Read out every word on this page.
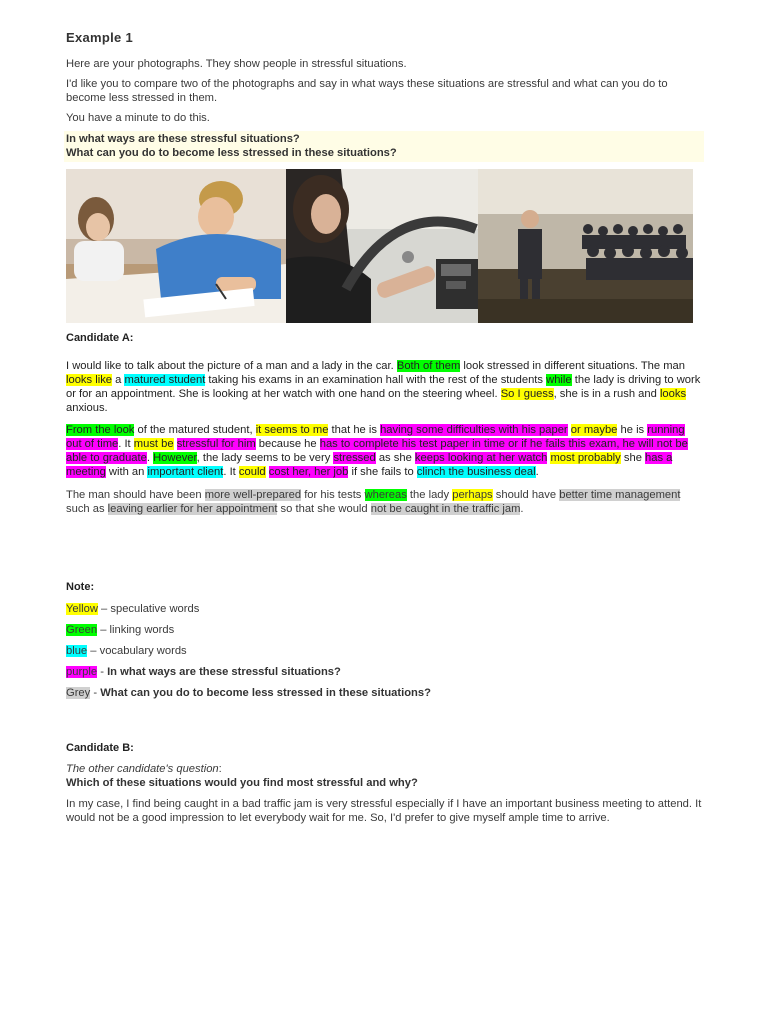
Example 1

Here are your photographs. They show people in stressful situations.

I'd like you to compare two of the photographs and say in what ways these situations are stressful and what can you do to become less stressed in them.

You have a minute to do this.

In what ways are these stressful situations?

What can you do to become less stressed in these situations?

Candidate A:

I would like to talk about the picture of a man and a lady in the car. Both of them look stressed in different situations. The man looks like a matured student taking his exams in an examination hall with the rest of the students while the lady is driving to work or for an appointment. She is looking at her watch with one hand on the steering wheel. So I guess, she is in a rush and looks anxious.

From the look of the matured student, it seems to me that he is having some difficulties with his paper or maybe he is running out of time. It must be stressful for him because he has to complete his test paper in time or if he fails this exam, he will not be able to graduate. However, the lady seems to be very stressed as she keeps looking at her watch most probably she has a meeting with an important client. It could cost her, her job if she fails to clinch the business deal.

The man should have been more well-prepared for his tests whereas the lady perhaps should have better time management such as leaving earlier for her appointment so that she would not be caught in the traffic jam.

Note:

Yellow – speculative words

Green – linking words

blue – vocabulary words

purple - In what ways are these stressful situations?

Grey - What can you do to become less stressed in these situations?

Candidate B:

The other candidate's question:

Which of these situations would you find most stressful and why?

In my case, I find being caught in a bad traffic jam is very stressful especially if I have an important business meeting to attend. It would not be a good impression to let everybody wait for me. So, I'd prefer to give myself ample time to arrive.
